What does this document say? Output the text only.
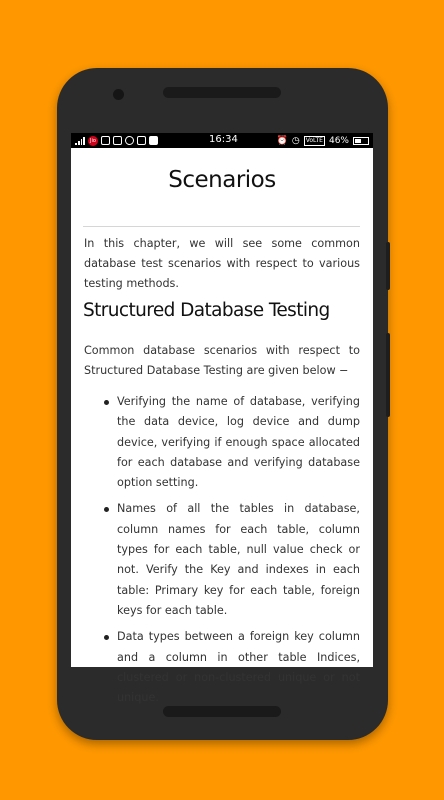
Jio	16:34	⏰ ◷	VoLTE 46%
Scenarios
In this chapter, we will see some common database test scenarios with respect to various testing methods.
Structured Database Testing
Common database scenarios with respect to Structured Database Testing are given below −
Verifying the name of database, verifying the data device, log device and dump device, verifying if enough space allocated for each database and verifying database option setting.
Names of all the tables in database, column names for each table, column types for each table, null value check or not. Verify the Key and indexes in each table: Primary key for each table, foreign keys for each table.
Data types between a foreign key column and a column in other table Indices, clustered or non-clustered unique or not unique.
